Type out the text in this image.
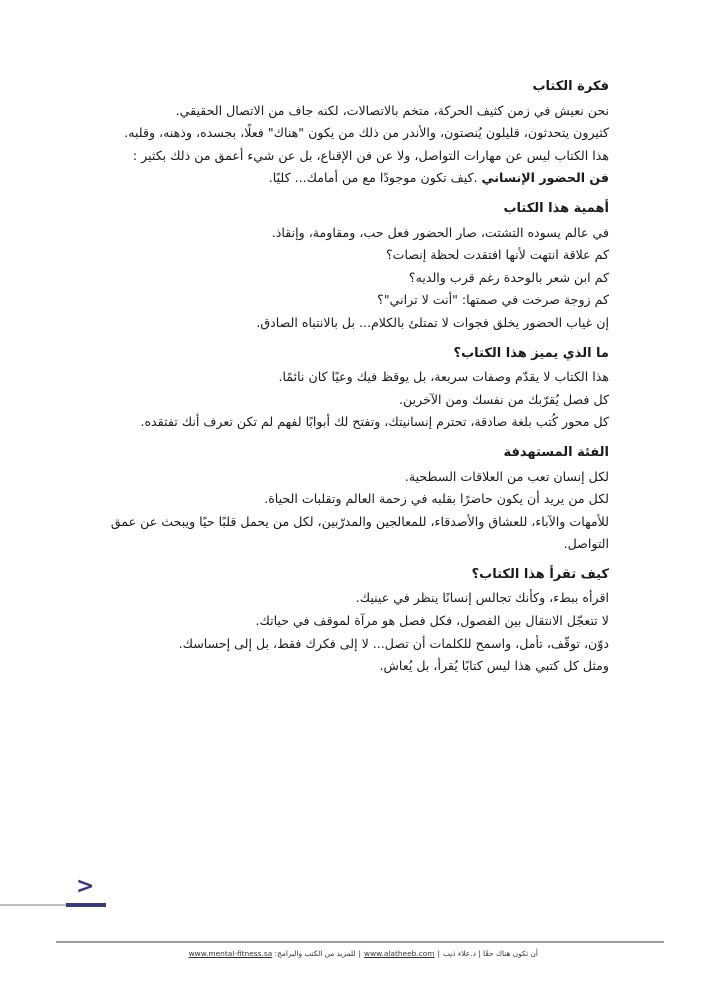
فكرة الكتاب

نحن نعيش في زمن كثيف الحركة، متخم بالاتصالات، لكنه جاف من الاتصال الحقيقي.

كثيرون يتحدثون، قليلون يُنصتون، والأندر من ذلك من يكون "هناك" فعلًا، بجسده، وذهنه، وقلبه.

هذا الكتاب ليس عن مهارات التواصل، ولا عن فن الإقناع، بل عن شيء أعمق من ذلك بكثير :

فن الحضور الإنساني .كيف تكون موجودًا مع من أمامك... كليًا.

أهمية هذا الكتاب

في عالم يسوده التشتت، صار الحضور فعل حب، ومقاومة، وإنقاذ.

كم علاقة انتهت لأنها افتقدت لحظة إنصات؟

كم ابن شعر بالوحدة رغم قرب والديه؟

كم زوجة صرخت في صمتها: "أنت لا تراني"؟

إن غياب الحضور يخلق فجوات لا تمتلئ بالكلام... بل بالانتباه الصادق.

ما الذي يميز هذا الكتاب؟

هذا الكتاب لا يقدّم وصفات سريعة، بل يوقظ فيك وعيًا كان نائمًا.

كل فصل يُقرّبك من نفسك ومن الآخرين.

كل محور كُتب بلغة صادقة، تحترم إنسانيتك، وتفتح لك أبوابًا لفهم لم تكن تعرف أنك تفتقده.

الفئة المستهدفة

لكل إنسان تعب من العلاقات السطحية.

لكل من يريد أن يكون حاضرًا بقلبه في زحمة العالم وتقلبات الحياة.

للأمهات والآباء، للعشاق والأصدقاء، للمعالجين والمدرّبين، لكل من يحمل قلبًا حيًا ويبحث عن عمق التواصل.

كيف تقرأ هذا الكتاب؟

اقرأه ببطء، وكأنك تجالس إنسانًا ينظر في عينيك.

لا تتعجّل الانتقال بين الفصول، فكل فصل هو مرآة لموقف في حياتك.

دوّن، توقّف، تأمل، واسمح للكلمات أن تصل... لا إلى فكرك فقط، بل إلى إحساسك.

ومثل كل كتبي هذا ليس كتابًا يُقرأ، بل يُعاش.

<
أن تكون هناك حقًا | د.علاء ذيب|www.alatheeb.com|للمزيد من الكتب والبرامج: www.mental-fitness.sa
